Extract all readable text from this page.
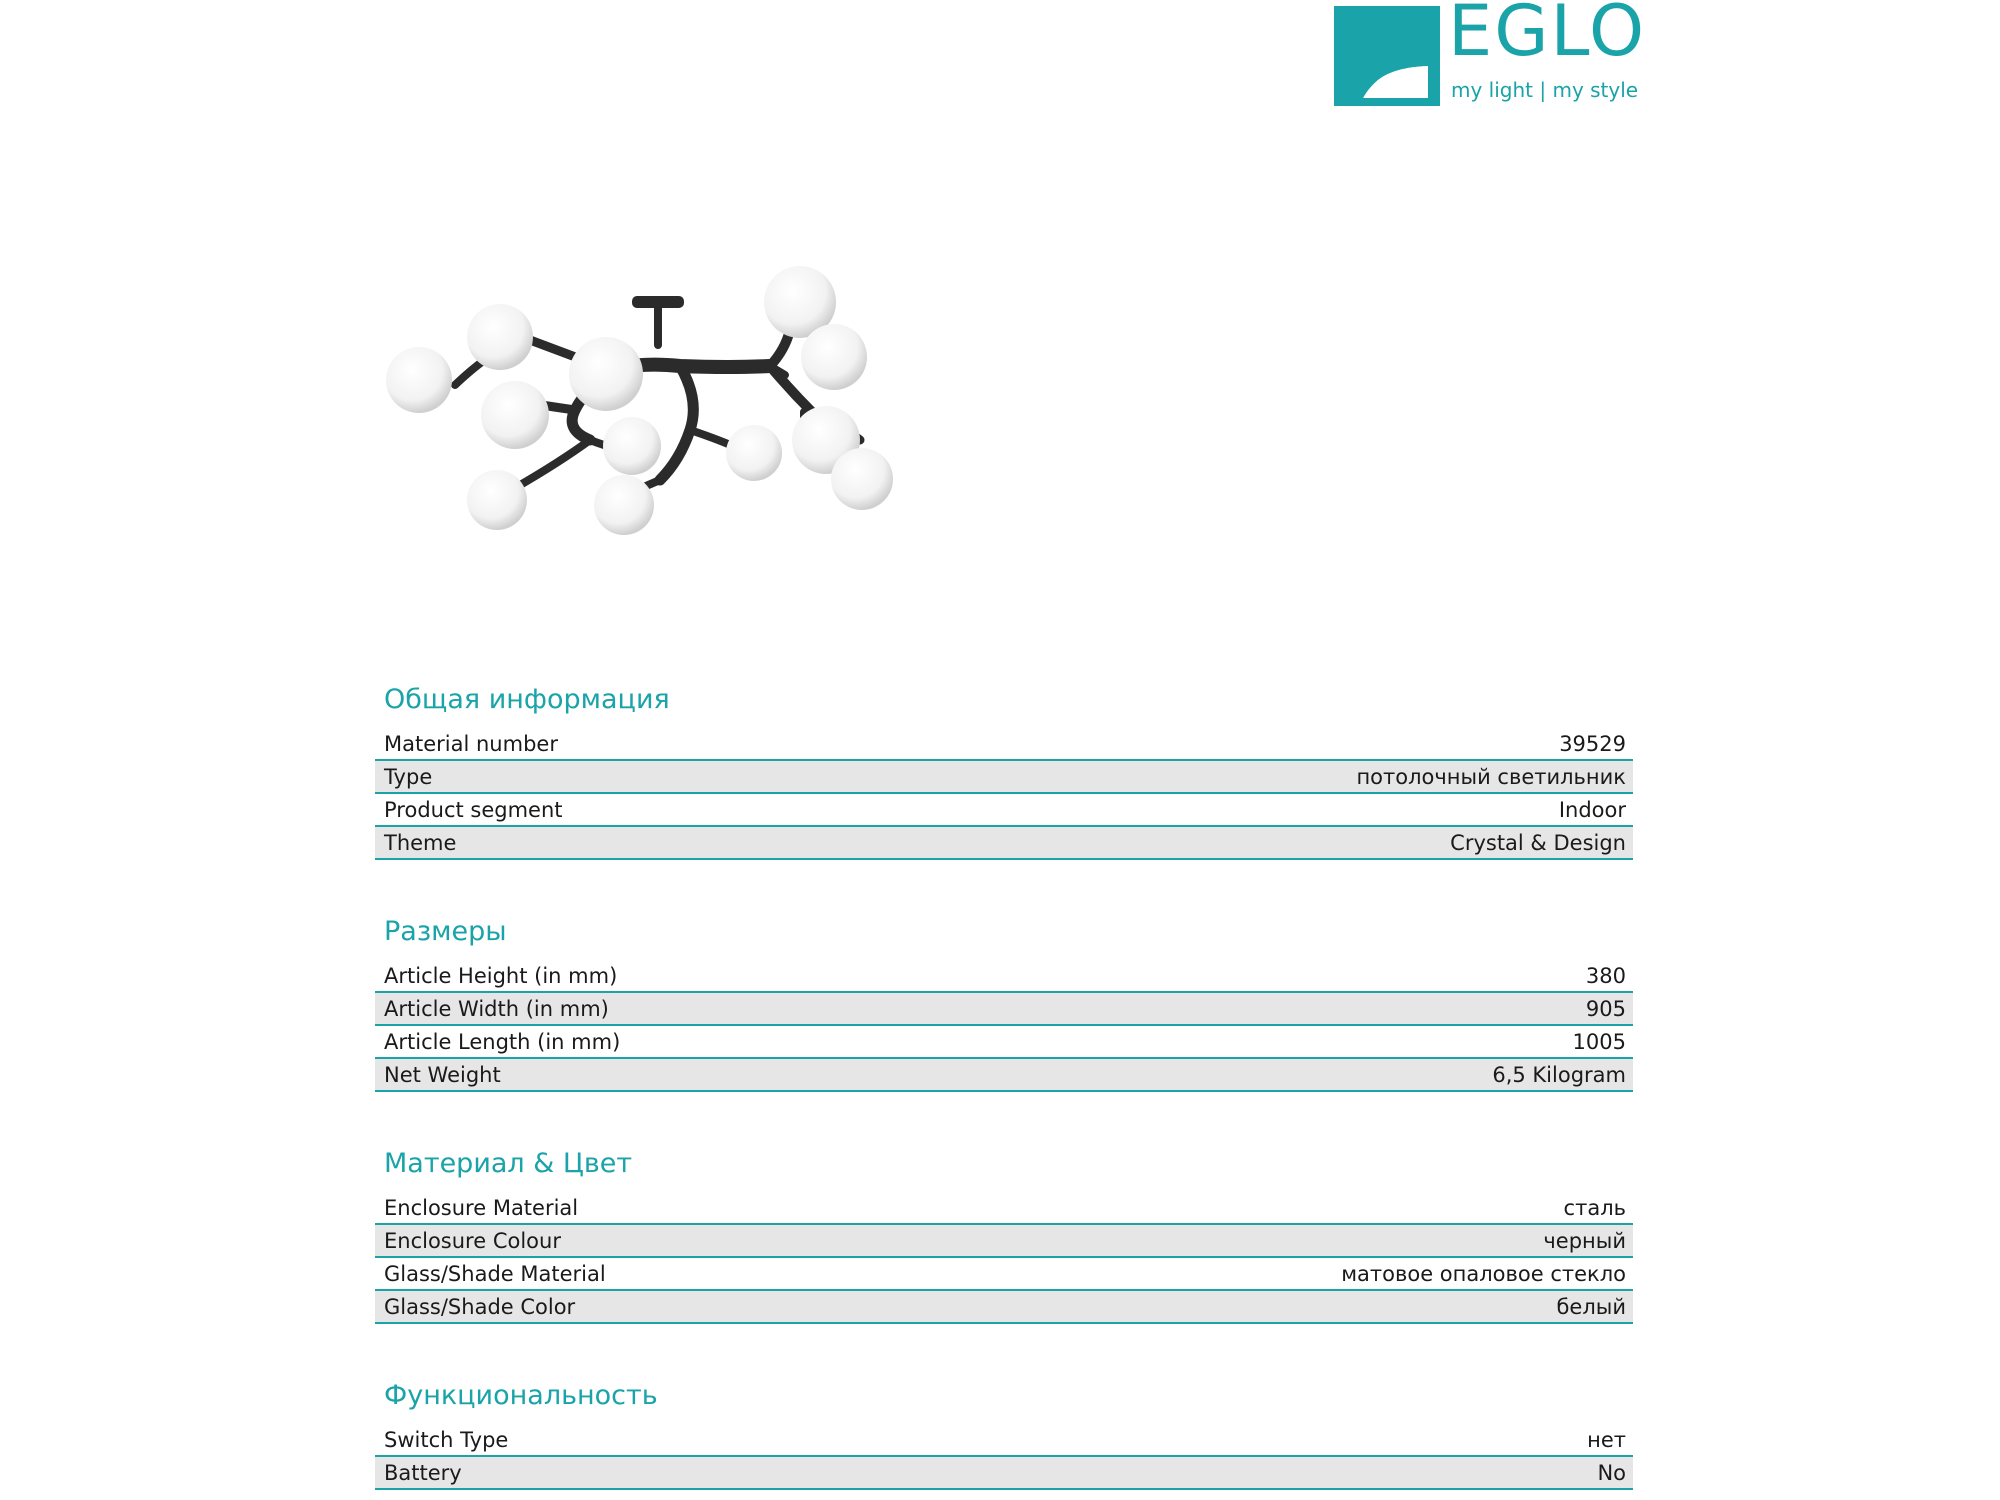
EGLO
my light | my style
Общая информация
Material number	39529
Type	потолочный светильник
Product segment	Indoor
Theme	Crystal & Design
Размеры
Article Height (in mm)	380
Article Width (in mm)	905
Article Length (in mm)	1005
Net Weight	6,5 Kilogram
Материал & Цвет
Enclosure Material	сталь
Enclosure Colour	черный
Glass/Shade Material	матовое опаловое стекло
Glass/Shade Color	белый
Функциональность
Switch Type	нет
Battery	No
